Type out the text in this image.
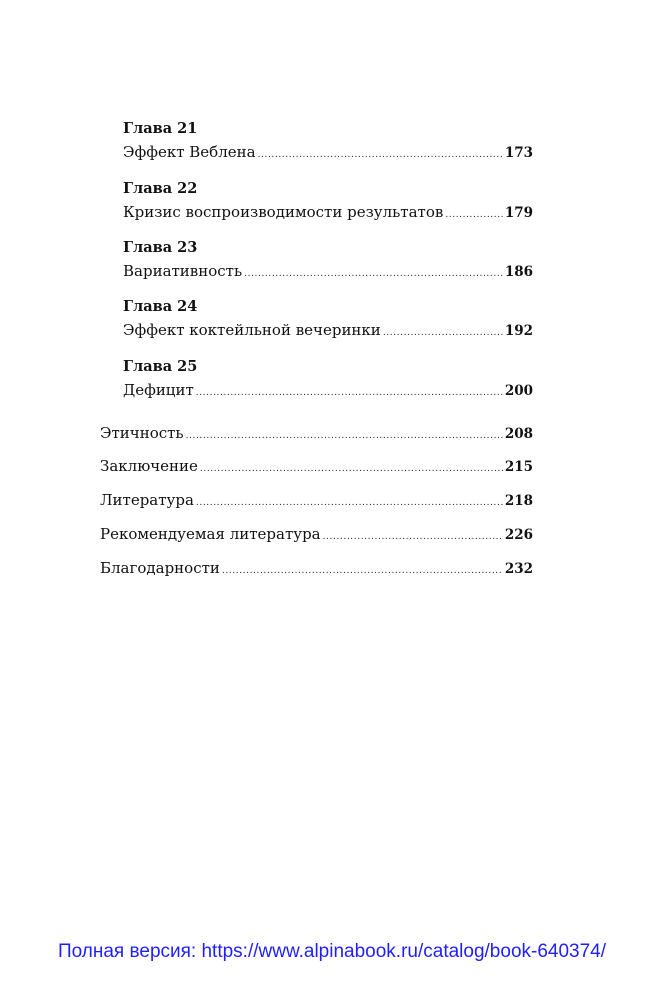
Глава 21
Эффект Веблена .....	173
Глава 22
Кризис воспроизводимости результатов .....	179
Глава 23
Вариативность .....	186
Глава 24
Эффект коктейльной вечеринки .....	192
Глава 25
Дефицит .....	200
Этичность .....	208
Заключение .....	215
Литература .....	218
Рекомендуемая литература .....	226
Благодарности .....	232
Полная версия: https://www.alpinabook.ru/catalog/book-640374/
